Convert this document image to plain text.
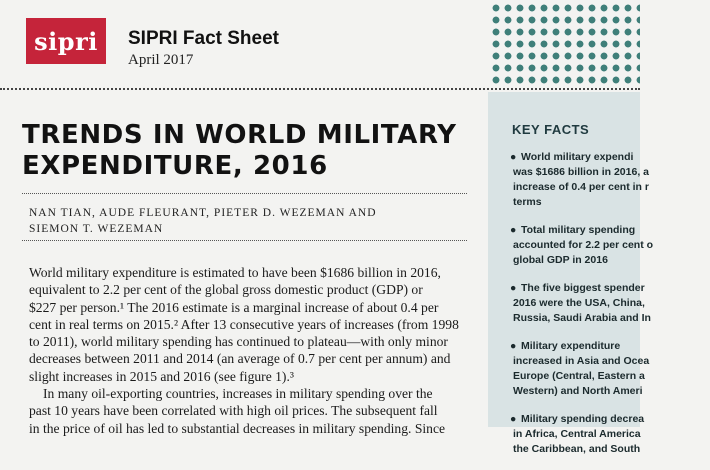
sipri	SIPRI Fact Sheet
April 2017
TRENDS IN WORLD MILITARY
EXPENDITURE, 2016
NAN TIAN, AUDE FLEURANT, PIETER D. WEZEMAN AND
SIEMON T. WEZEMAN
World military expenditure is estimated to have been $1686 billion in 2016,
equivalent to 2.2 per cent of the global gross domestic product (GDP) or
$227 per person.¹ The 2016 estimate is a marginal increase of about 0.4 per
cent in real terms on 2015.² After 13 consecutive years of increases (from 1998
to 2011), world military spending has continued to plateau—with only minor
decreases between 2011 and 2014 (an average of 0.7 per cent per annum) and
slight increases in 2015 and 2016 (see figure 1).³
In many oil-exporting countries, increases in military spending over the
past 10 years have been correlated with high oil prices. The subsequent fall
in the price of oil has led to substantial decreases in military spending. Since
KEY FACTS
● World military expendi
was $1686 billion in 2016, a
increase of 0.4 per cent in r
terms
● Total military spending
accounted for 2.2 per cent o
global GDP in 2016
● The five biggest spender
2016 were the USA, China,
Russia, Saudi Arabia and In
● Military expenditure
increased in Asia and Ocea
Europe (Central, Eastern a
Western) and North Ameri
● Military spending decrea
in Africa, Central America
the Caribbean, and South
